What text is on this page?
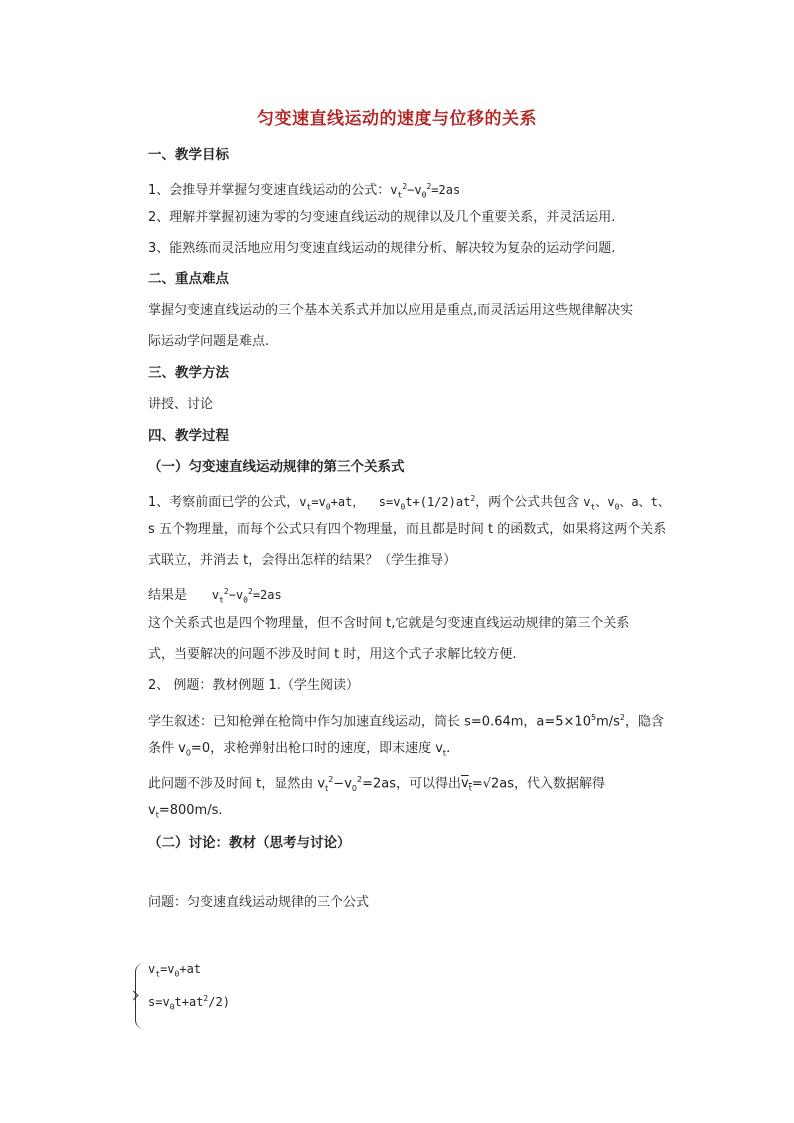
匀变速直线运动的速度与位移的关系
一、教学目标
1、会推导并掌握匀变速直线运动的公式：$v_t^2-v_0^2=2as$
2、理解并掌握初速为零的匀变速直线运动的规律以及几个重要关系，并灵活运用.
3、能熟练而灵活地应用匀变速直线运动的规律分析、解决较为复杂的运动学问题.
二、重点难点
掌握匀变速直线运动的三个基本关系式并加以应用是重点,而灵活运用这些规律解决实
际运动学问题是难点.
三、教学方法
讲授、讨论
四、教学过程
（一）匀变速直线运动规律的第三个关系式
1、考察前面已学的公式，$v_t=v_0+at$， $s=v_0t+(1/2)at^2$，两个公式共包含 $v_t$、$v_0$、a、t、
s 五个物理量，而每个公式只有四个物理量，而且都是时间 t 的函数式，如果将这两个关系
式联立，并消去 t，会得出怎样的结果？（学生推导）
结果是 $v_t^2-v_0^2=2as$
这个关系式也是四个物理量，但不含时间 t,它就是匀变速直线运动规律的第三个关系
式，当要解决的问题不涉及时间 t 时，用这个式子求解比较方便.
2、 例题：教材例题 1.（学生阅读）
学生叙述：已知枪弹在枪筒中作匀加速直线运动，筒长 s=0.64m，$a=5\times 10^5m/s^2$，隐含
条件 $v_0=0$，求枪弹射出枪口时的速度，即末速度 $v_t$.
此问题不涉及时间 t，显然由 $v_t^2-v_0^2=2as$，可以得出$v_t=√2as$，代入数据解得
$v_t=800m/s$.
（二）讨论：教材（思考与讨论）
问题：匀变速直线运动规律的三个公式
$v_t=v_0+at$
$s=v_0t+at^2/2$)
